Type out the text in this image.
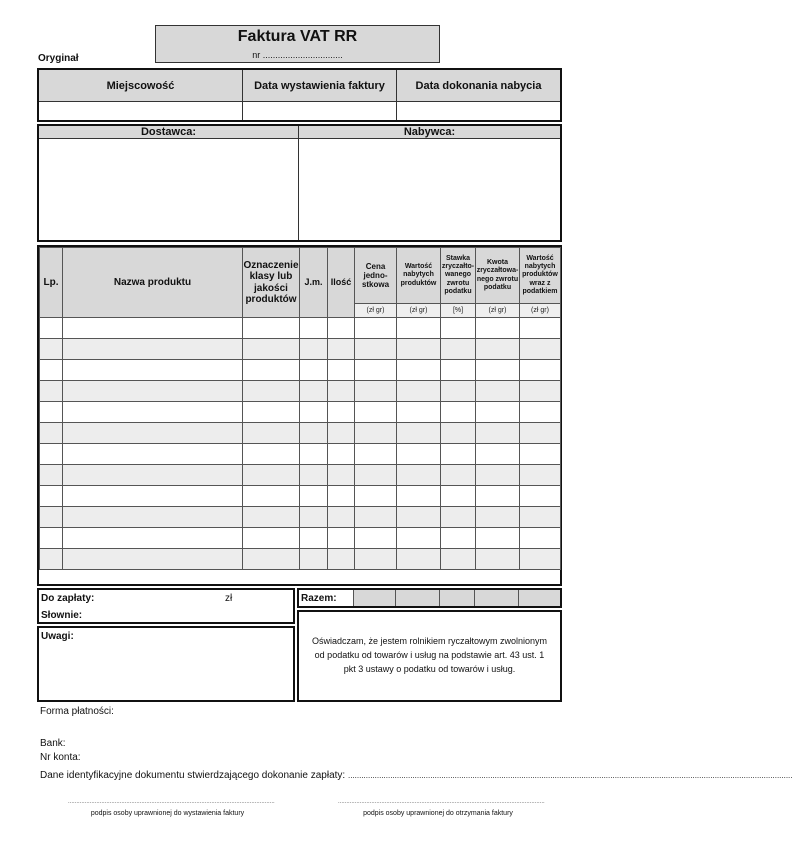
Faktura VAT RR
nr ................................
Oryginał
Miejscowość	Data wystawienia faktury	Data dokonania nabycia
Dostawca:	Nabywca:
Lp.	Nazwa produktu	Oznaczenie klasy lub jakości produktów	J.m.	Ilość	Cena jedno-stkowa	Wartość nabytych produktów	Stawka zryczałto-wanego zwrotu podatku	Kwota zryczałtowa-nego zwrotu podatku	Wartość nabytych produktów wraz z podatkiem
					(zł gr)	(zł gr)	[%]	(zł gr)	(zł gr)

Do zapłaty:	zł
Słownie:
Uwagi:
Razem:
Oświadczam, że jestem rolnikiem ryczałtowym zwolnionym od podatku od towarów i usług na podstawie art. 43 ust. 1 pkt 3 ustawy o podatku od towarów i usług.
Forma płatności:
Bank:
Nr konta:
Dane identyfikacyjne dokumentu stwierdzającego dokonanie zapłaty: ........................................................................................................................................................................................................
............................................................................................................................
podpis osoby uprawnionej do wystawienia faktury
............................................................................................................................
podpis osoby uprawnionej do otrzymania faktury
